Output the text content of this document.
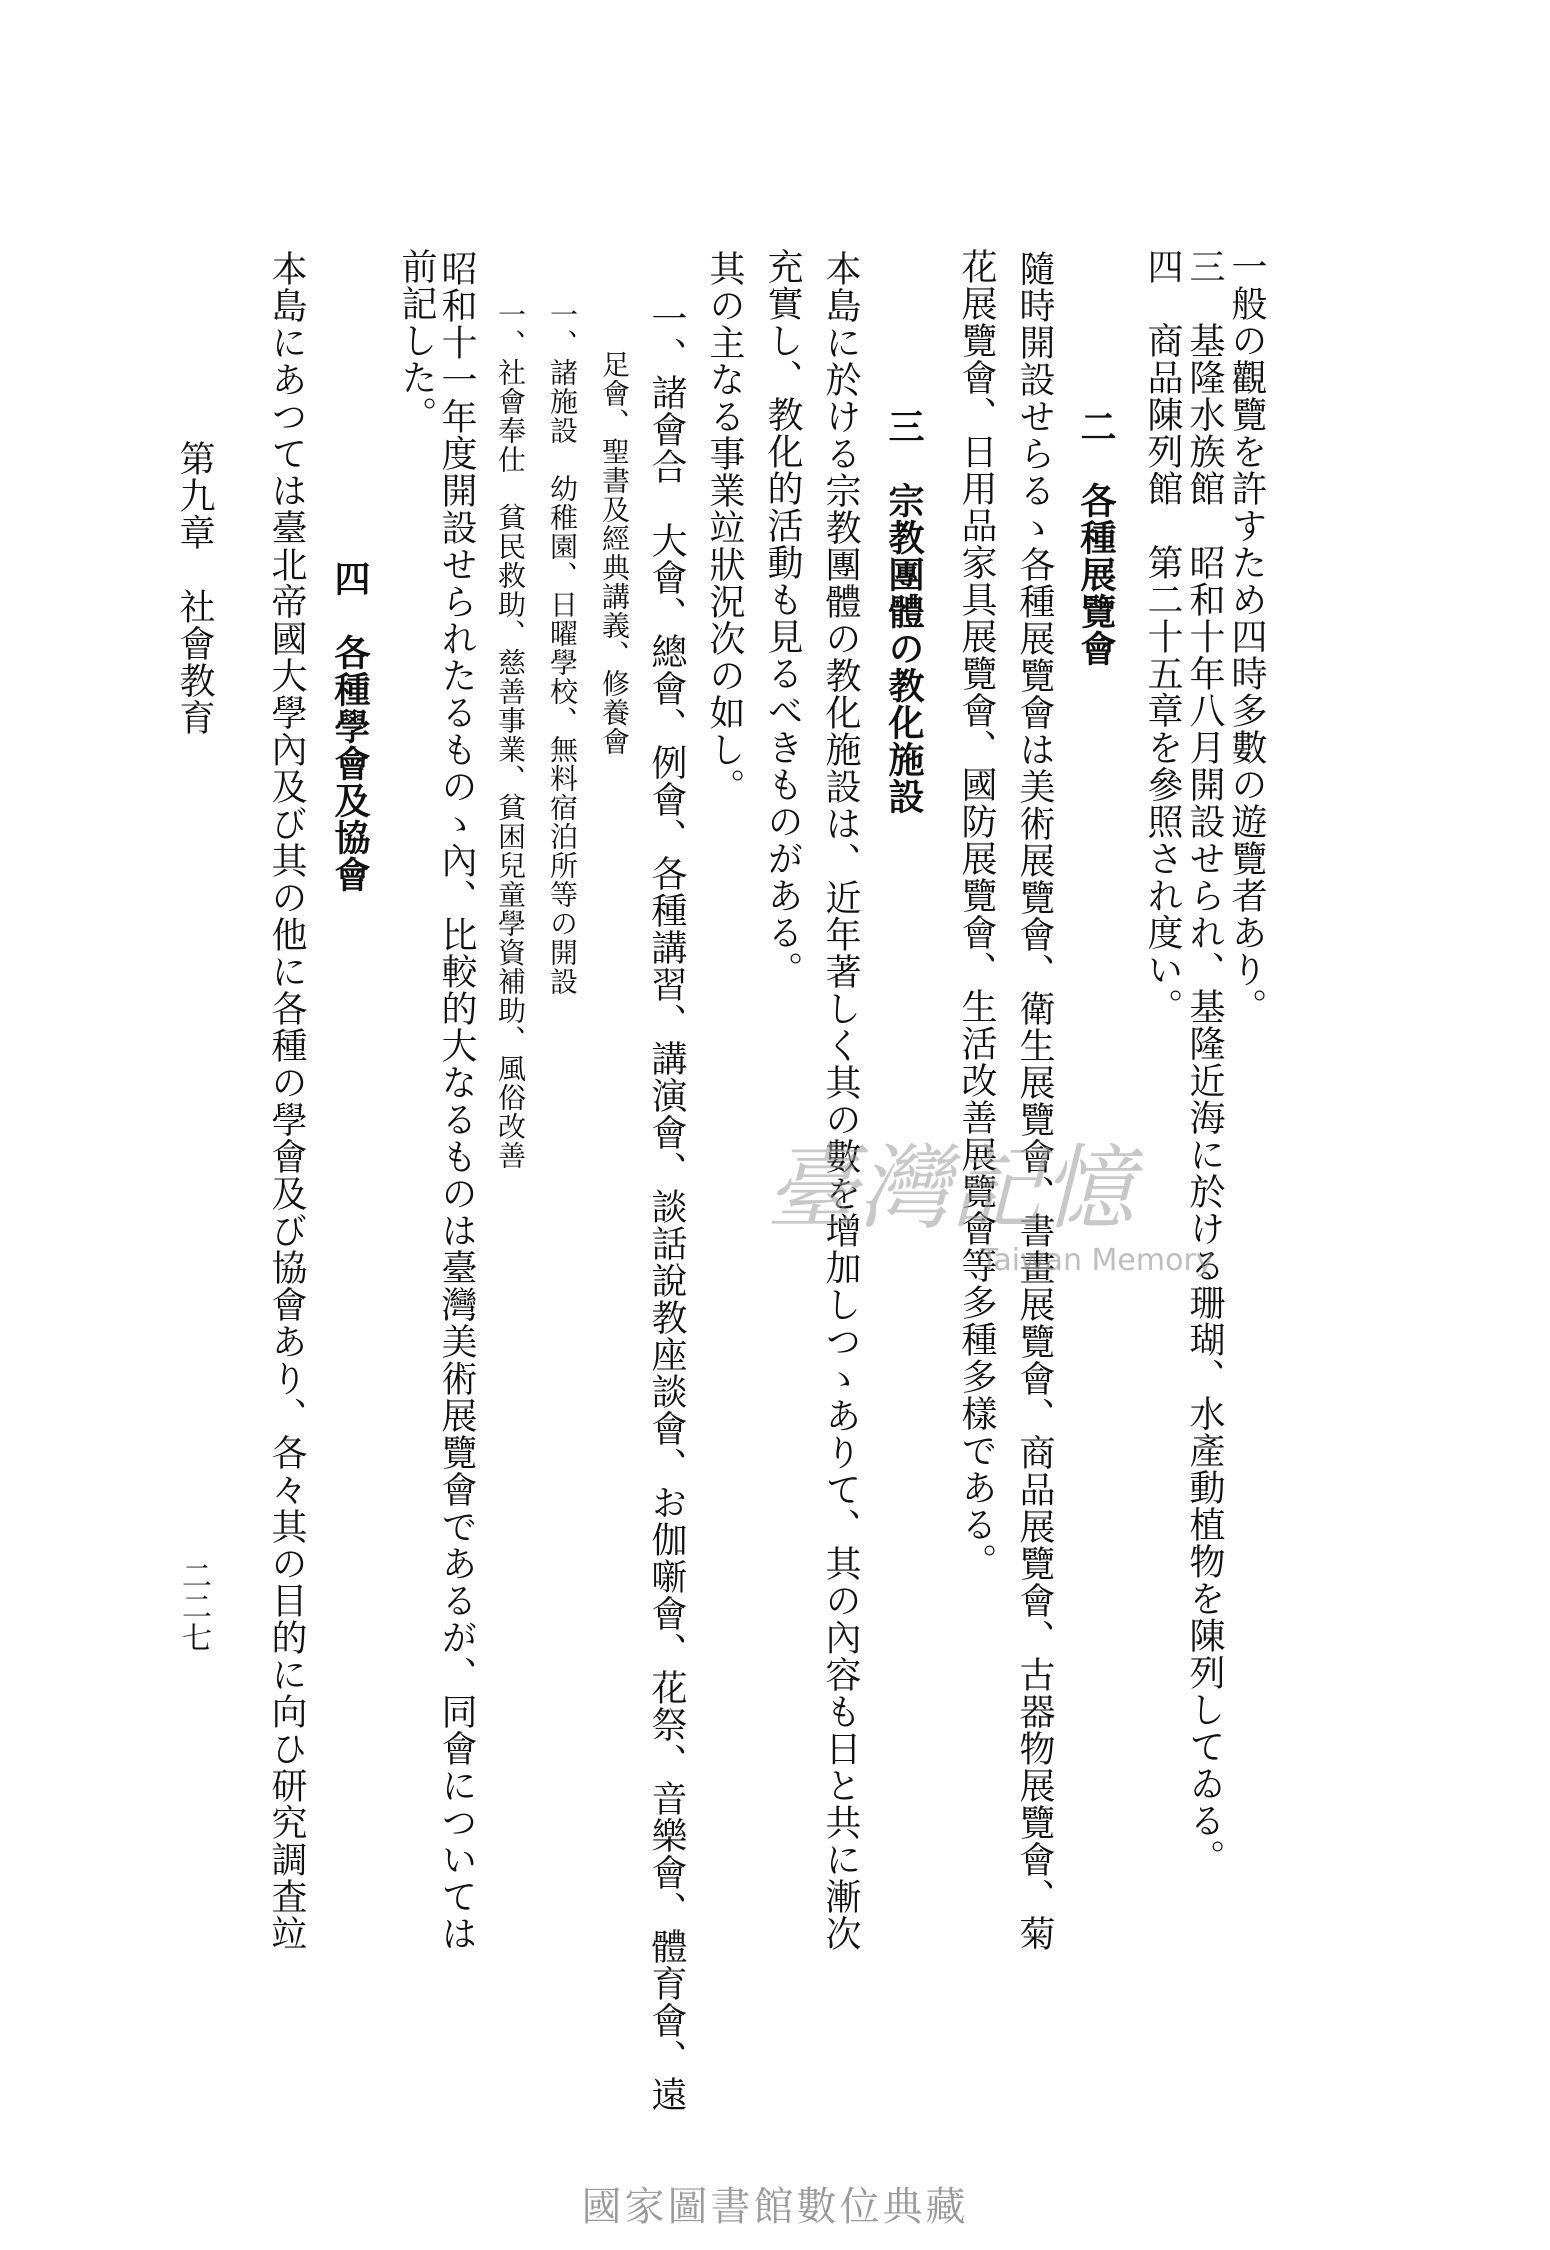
一般の觀覽を許すため四時多數の遊覽者あり。
三　基隆水族館　昭和十年八月開設せられ、基隆近海に於ける珊瑚、水產動植物を陳列してゐる。
四　商品陳列館　第二十五章を參照され度い。
二　各種展覽會
隨時開設せらるゝ各種展覽會は美術展覽會、衛生展覽會、書畫展覽會、商品展覽會、古器物展覽會、菊
花展覽會、日用品家具展覽會、國防展覽會、生活改善展覽會等多種多樣である。
三　宗教團體の教化施設
本島に於ける宗教團體の教化施設は、近年著しく其の數を增加しつゝありて、其の內容も日と共に漸次
充實し、教化的活動も見るべきものがある。
其の主なる事業竝狀況次の如し。
一、諸會合　大會、總會、例會、各種講習、講演會、談話說教座談會、お伽噺會、花祭、音樂會、體育會、遠
足會、聖書及經典講義、修養會
一、諸施設　幼稚園、日曜學校、無料宿泊所等の開設
一、社會奉仕　貧民救助、慈善事業、貧困兒童學資補助、風俗改善
昭和十一年度開設せられたるものゝ內、比較的大なるものは臺灣美術展覽會であるが、同會については
前記した。
四　各種學會及協會
本島にあつては臺北帝國大學內及び其の他に各種の學會及び協會あり、各々其の目的に向ひ研究調査竝
第九章　社會教育
二二七
臺灣記憶
Taiwan Memory
國家圖書館數位典藏
